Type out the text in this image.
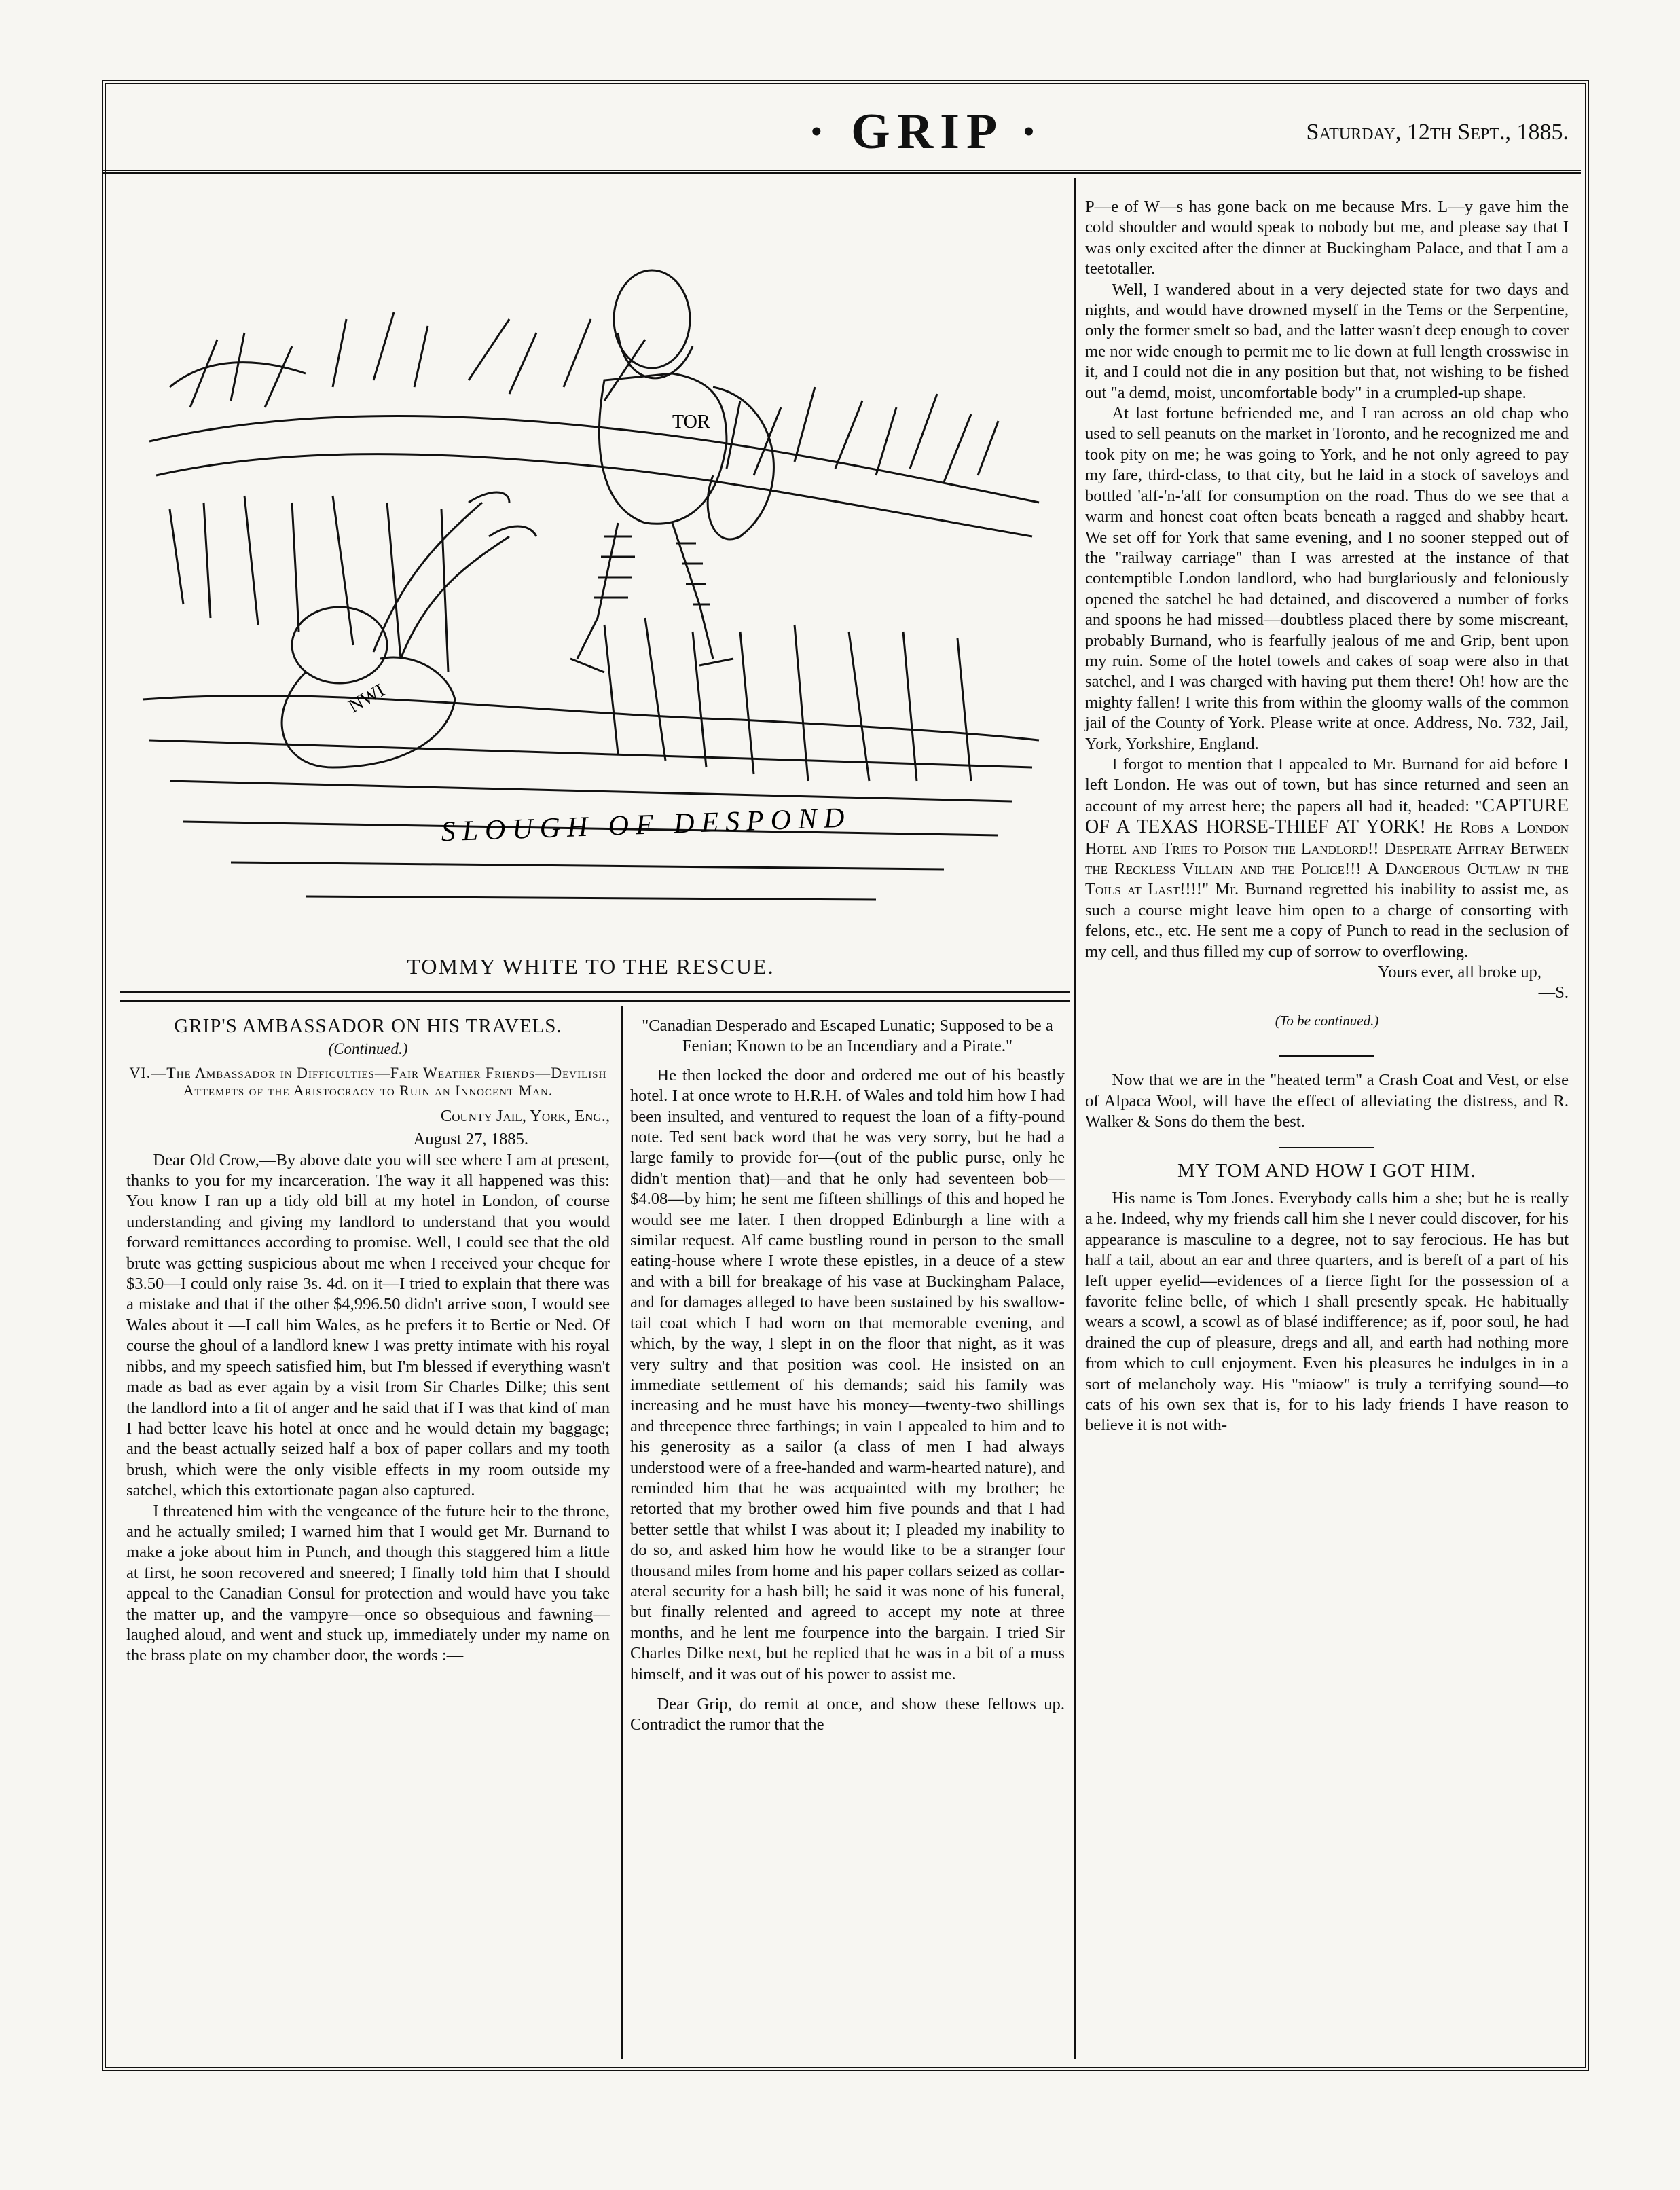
· GRIP ·	Saturday, 12th Sept., 1885.
NWI
TOR
SLOUGH OF DESPOND
TOMMY WHITE TO THE RESCUE.
GRIP'S AMBASSADOR ON HIS TRAVELS.
(Continued.)
VI.—The Ambassador in Difficulties—Fair Weather Friends—Devilish Attempts of the Aristocracy to Ruin an Innocent Man.
County Jail, York, Eng.,
August 27, 1885.

Dear Old Crow,—By above date you will see where I am at present, thanks to you for my incarceration. The way it all happened was this: You know I ran up a tidy old bill at my hotel in London, of course understanding and giving my landlord to understand that you would forward remittances according to promise. Well, I could see that the old brute was getting suspicious about me when I received your cheque for $3.50—I could only raise 3s. 4d. on it—I tried to explain that there was a mistake and that if the other $4,996.50 didn't arrive soon, I would see Wales about it —I call him Wales, as he prefers it to Bertie or Ned. Of course the ghoul of a landlord knew I was pretty intimate with his royal nibbs, and my speech satisfied him, but I'm blessed if everything wasn't made as bad as ever again by a visit from Sir Charles Dilke; this sent the landlord into a fit of anger and he said that if I was that kind of man I had better leave his hotel at once and he would detain my baggage; and the beast actually seized half a box of paper collars and my tooth brush, which were the only visible effects in my room outside my satchel, which this extortionate pagan also captured.

I threatened him with the vengeance of the future heir to the throne, and he actually smiled; I warned him that I would get Mr. Burnand to make a joke about him in Punch, and though this staggered him a little at first, he soon recovered and sneered; I finally told him that I should appeal to the Canadian Consul for protection and would have you take the matter up, and the vampyre—once so obsequious and fawning—laughed aloud, and went and stuck up, immediately under my name on the brass plate on my chamber door, the words :—

"Canadian Desperado and Escaped Lunatic; Supposed to be a Fenian; Known to be an Incendiary and a Pirate."

He then locked the door and ordered me out of his beastly hotel. I at once wrote to H.R.H. of Wales and told him how I had been insulted, and ventured to request the loan of a fifty-pound note. Ted sent back word that he was very sorry, but he had a large family to provide for—(out of the public purse, only he didn't mention that)—and that he only had seventeen bob—$4.08—by him; he sent me fifteen shillings of this and hoped he would see me later. I then dropped Edinburgh a line with a similar request. Alf came bustling round in person to the small eating-house where I wrote these epistles, in a deuce of a stew and with a bill for breakage of his vase at Buckingham Palace, and for damages alleged to have been sustained by his swallow-tail coat which I had worn on that memorable evening, and which, by the way, I slept in on the floor that night, as it was very sultry and that position was cool. He insisted on an immediate settlement of his demands; said his family was increasing and he must have his money—twenty-two shillings and threepence three farthings; in vain I appealed to him and to his generosity as a sailor (a class of men I had always understood were of a free-handed and warm-hearted nature), and reminded him that he was acquainted with my brother; he retorted that my brother owed him five pounds and that I had better settle that whilst I was about it; I pleaded my inability to do so, and asked him how he would like to be a stranger four thousand miles from home and his paper collars seized as collar-ateral security for a hash bill; he said it was none of his funeral, but finally relented and agreed to accept my note at three months, and he lent me fourpence into the bargain. I tried Sir Charles Dilke next, but he replied that he was in a bit of a muss himself, and it was out of his power to assist me.

Dear Grip, do remit at once, and show these fellows up. Contradict the rumor that the

P—e of W—s has gone back on me because Mrs. L—y gave him the cold shoulder and would speak to nobody but me, and please say that I was only excited after the dinner at Buckingham Palace, and that I am a teetotaller.

Well, I wandered about in a very dejected state for two days and nights, and would have drowned myself in the Tems or the Serpentine, only the former smelt so bad, and the latter wasn't deep enough to cover me nor wide enough to permit me to lie down at full length crosswise in it, and I could not die in any position but that, not wishing to be fished out "a demd, moist, uncomfortable body" in a crumpled-up shape.

At last fortune befriended me, and I ran across an old chap who used to sell peanuts on the market in Toronto, and he recognized me and took pity on me; he was going to York, and he not only agreed to pay my fare, third-class, to that city, but he laid in a stock of saveloys and bottled 'alf-'n-'alf for consumption on the road. Thus do we see that a warm and honest coat often beats beneath a ragged and shabby heart. We set off for York that same evening, and I no sooner stepped out of the "railway carriage" than I was arrested at the instance of that contemptible London landlord, who had burglariously and feloniously opened the satchel he had detained, and discovered a number of forks and spoons he had missed—doubtless placed there by some miscreant, probably Burnand, who is fearfully jealous of me and Grip, bent upon my ruin. Some of the hotel towels and cakes of soap were also in that satchel, and I was charged with having put them there! Oh! how are the mighty fallen! I write this from within the gloomy walls of the common jail of the County of York. Please write at once. Address, No. 732, Jail, York, Yorkshire, England.

I forgot to mention that I appealed to Mr. Burnand for aid before I left London. He was out of town, but has since returned and seen an account of my arrest here; the papers all had it, headed: "CAPTURE OF A TEXAS HORSE-THIEF AT YORK! He Robs a London Hotel and Tries to Poison the Landlord!! Desperate Affray Between the Reckless Villain and the Police!!! A Dangerous Outlaw in the Toils at Last!!!!" Mr. Burnand regretted his inability to assist me, as such a course might leave him open to a charge of consorting with felons, etc., etc. He sent me a copy of Punch to read in the seclusion of my cell, and thus filled my cup of sorrow to overflowing.

Yours ever, all broke up,
—S.
(To be continued.)

Now that we are in the "heated term" a Crash Coat and Vest, or else of Alpaca Wool, will have the effect of alleviating the distress, and R. Walker & Sons do them the best.

MY TOM AND HOW I GOT HIM.

His name is Tom Jones. Everybody calls him a she; but he is really a he. Indeed, why my friends call him she I never could discover, for his appearance is masculine to a degree, not to say ferocious. He has but half a tail, about an ear and three quarters, and is bereft of a part of his left upper eyelid—evidences of a fierce fight for the possession of a favorite feline belle, of which I shall presently speak. He habitually wears a scowl, a scowl as of blasé indifference; as if, poor soul, he had drained the cup of pleasure, dregs and all, and earth had nothing more from which to cull enjoyment. Even his pleasures he indulges in in a sort of melancholy way. His "miaow" is truly a terrifying sound—to cats of his own sex that is, for to his lady friends I have reason to believe it is not with-
